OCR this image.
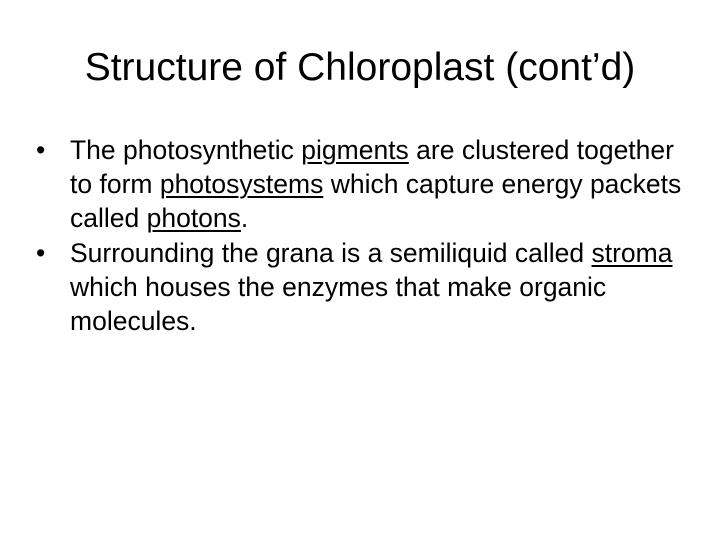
Structure of Chloroplast (cont’d)
• The photosynthetic pigments are clustered together to form photosystems which capture energy packets called photons.
• Surrounding the grana is a semiliquid called stroma which houses the enzymes that make organic molecules.
